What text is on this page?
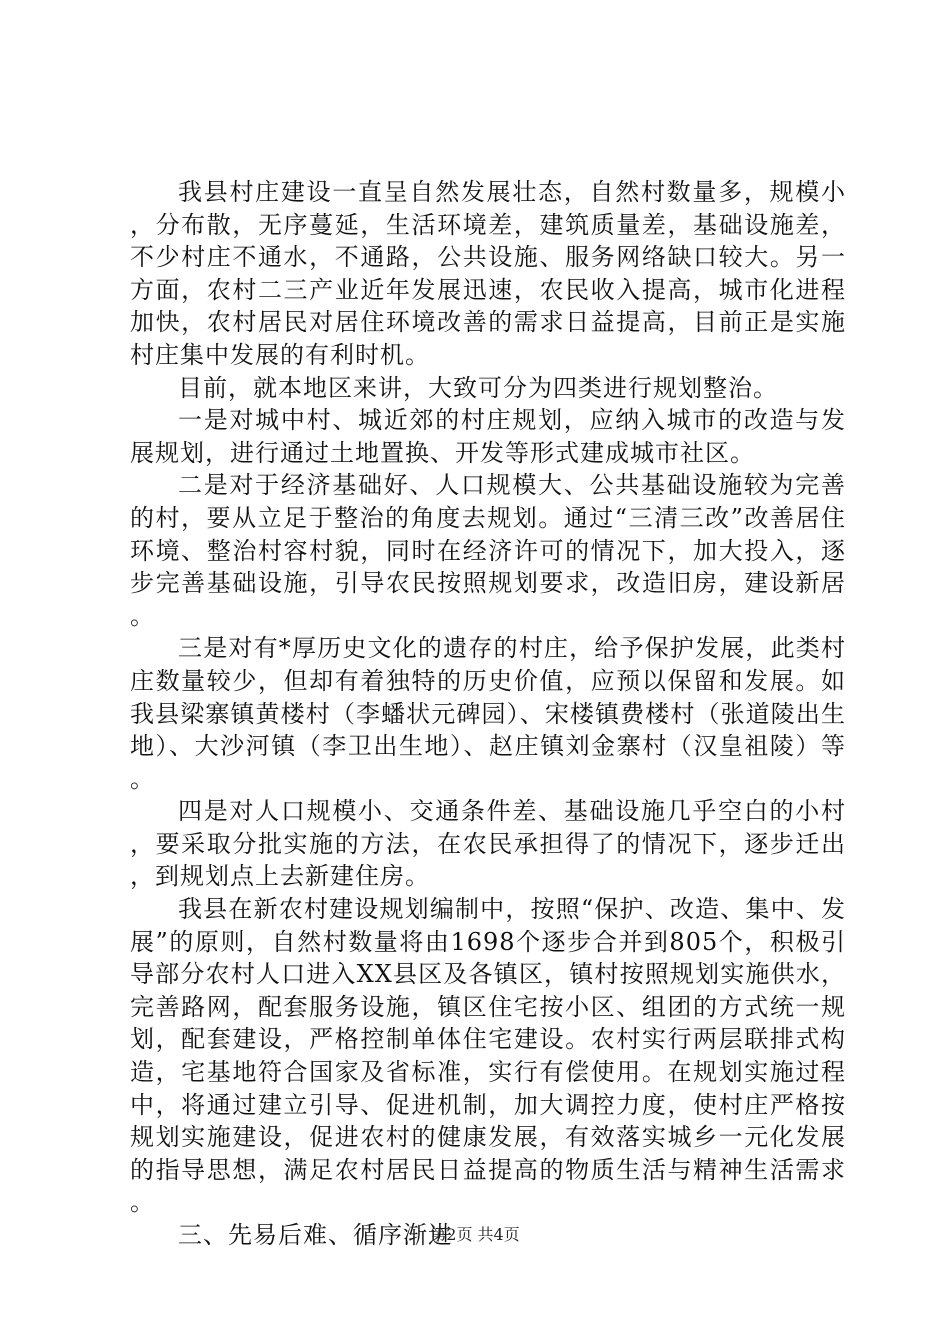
我县村庄建设一直呈自然发展壮态，自然村数量多，规模小，分布散，无序蔓延，生活环境差，建筑质量差，基础设施差，不少村庄不通水，不通路，公共设施、服务网络缺口较大。另一方面，农村二三产业近年发展迅速，农民收入提高，城市化进程加快，农村居民对居住环境改善的需求日益提高，目前正是实施村庄集中发展的有利时机。

目前，就本地区来讲，大致可分为四类进行规划整治。

一是对城中村、城近郊的村庄规划，应纳入城市的改造与发展规划，进行通过土地置换、开发等形式建成城市社区。

二是对于经济基础好、人口规模大、公共基础设施较为完善的村，要从立足于整治的角度去规划。通过“三清三改”改善居住环境、整治村容村貌，同时在经济许可的情况下，加大投入，逐步完善基础设施，引导农民按照规划要求，改造旧房，建设新居。

三是对有*厚历史文化的遗存的村庄，给予保护发展，此类村庄数量较少，但却有着独特的历史价值，应预以保留和发展。如我县梁寨镇黄楼村（李蟠状元碑园）、宋楼镇费楼村（张道陵出生地）、大沙河镇（李卫出生地）、赵庄镇刘金寨村（汉皇祖陵）等。

四是对人口规模小、交通条件差、基础设施几乎空白的小村，要采取分批实施的方法，在农民承担得了的情况下，逐步迁出，到规划点上去新建住房。

我县在新农村建设规划编制中，按照“保护、改造、集中、发展”的原则，自然村数量将由1698个逐步合并到805个，积极引导部分农村人口进入XX县区及各镇区，镇村按照规划实施供水，完善路网，配套服务设施，镇区住宅按小区、组团的方式统一规划，配套建设，严格控制单体住宅建设。农村实行两层联排式构造，宅基地符合国家及省标准，实行有偿使用。在规划实施过程中，将通过建立引导、促进机制，加大调控力度，使村庄严格按规划实施建设，促进农村的健康发展，有效落实城乡一元化发展的指导思想，满足农村居民日益提高的物质生活与精神生活需求。

三、先易后难、循序渐进

第2页 共4页
